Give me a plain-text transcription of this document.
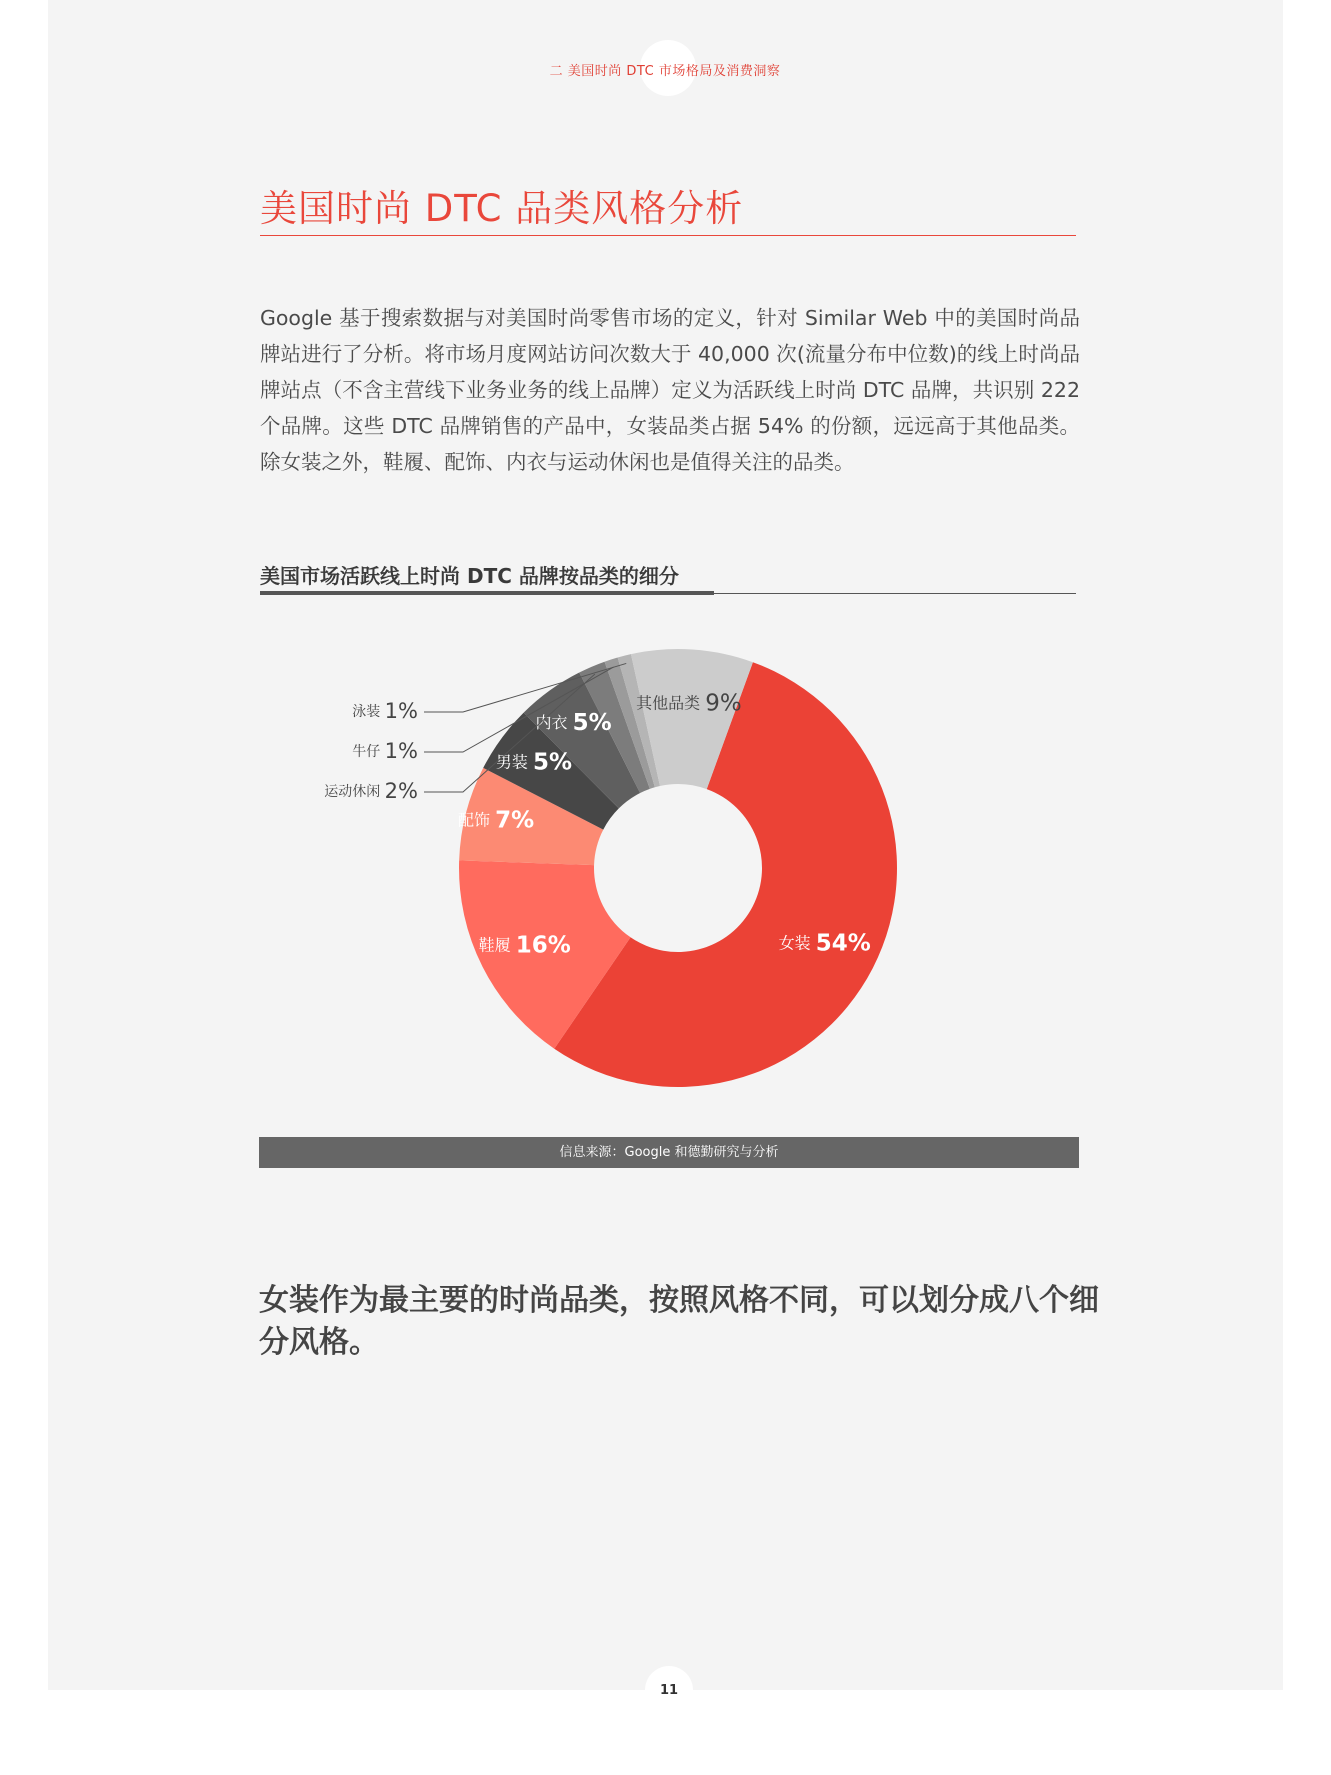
二 美国时尚 DTC 市场格局及消费洞察
美国时尚 DTC 品类风格分析

Google 基于搜索数据与对美国时尚零售市场的定义，针对 Similar Web 中的美国时尚品牌站进行了分析。将市场月度网站访问次数大于 40,000 次(流量分布中位数)的线上时尚品牌站点（不含主营线下业务业务的线上品牌）定义为活跃线上时尚 DTC 品牌，共识别 222 个品牌。这些 DTC 品牌销售的产品中，女装品类占据 54% 的份额，远远高于其他品类。除女装之外，鞋履、配饰、内衣与运动休闲也是值得关注的品类。

美国市场活跃线上时尚 DTC 品牌按品类的细分
女装 54%
鞋履 16%
配饰 7%
男装 5%
内衣 5%
其他品类 9%
运动休闲 2%
牛仔 1%
泳装 1%
信息来源：Google 和德勤研究与分析

女装作为最主要的时尚品类，按照风格不同，可以划分成八个细分风格。

11
